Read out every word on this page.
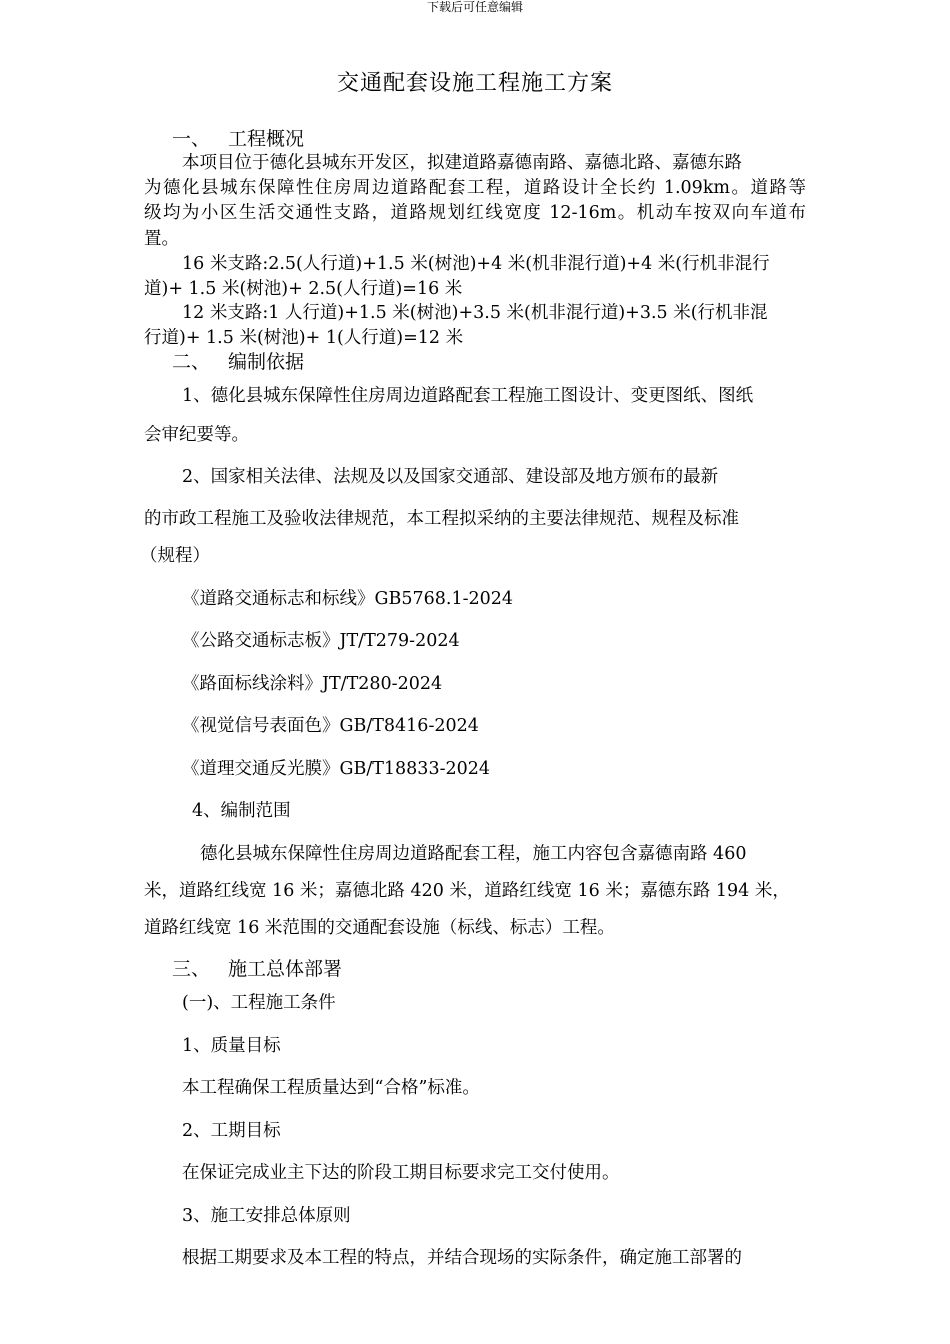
下载后可任意编辑
交通配套设施工程施工方案
一、 工程概况
本项目位于德化县城东开发区，拟建道路嘉德南路、嘉德北路、嘉德东路
为德化县城东保障性住房周边道路配套工程，道路设计全长约 1.09km。道路等
级均为小区生活交通性支路，道路规划红线宽度 12-16m。机动车按双向车道布
置。
16 米支路:2.5(人行道)+1.5 米(树池)+4 米(机非混行道)+4 米(行机非混行
道)+ 1.5 米(树池)+ 2.5(人行道)=16 米
12 米支路:1 人行道)+1.5 米(树池)+3.5 米(机非混行道)+3.5 米(行机非混
行道)+ 1.5 米(树池)+ 1(人行道)=12 米
二、 编制依据
1、德化县城东保障性住房周边道路配套工程施工图设计、变更图纸、图纸
会审纪要等。
2、国家相关法律、法规及以及国家交通部、建设部及地方颁布的最新
的市政工程施工及验收法律规范，本工程拟采纳的主要法律规范、规程及标准
（规程）
《道路交通标志和标线》GB5768.1-2024
《公路交通标志板》JT/T279-2024
《路面标线涂料》JT/T280-2024
《视觉信号表面色》GB/T8416-2024
《道理交通反光膜》GB/T18833-2024
4、编制范围
德化县城东保障性住房周边道路配套工程，施工内容包含嘉德南路 460
米，道路红线宽 16 米；嘉德北路 420 米，道路红线宽 16 米；嘉德东路 194 米，
道路红线宽 16 米范围的交通配套设施（标线、标志）工程。
三、 施工总体部署
(一)、工程施工条件
1、质量目标
本工程确保工程质量达到“合格”标准。
2、工期目标
在保证完成业主下达的阶段工期目标要求完工交付使用。
3、施工安排总体原则
根据工期要求及本工程的特点，并结合现场的实际条件，确定施工部署的
